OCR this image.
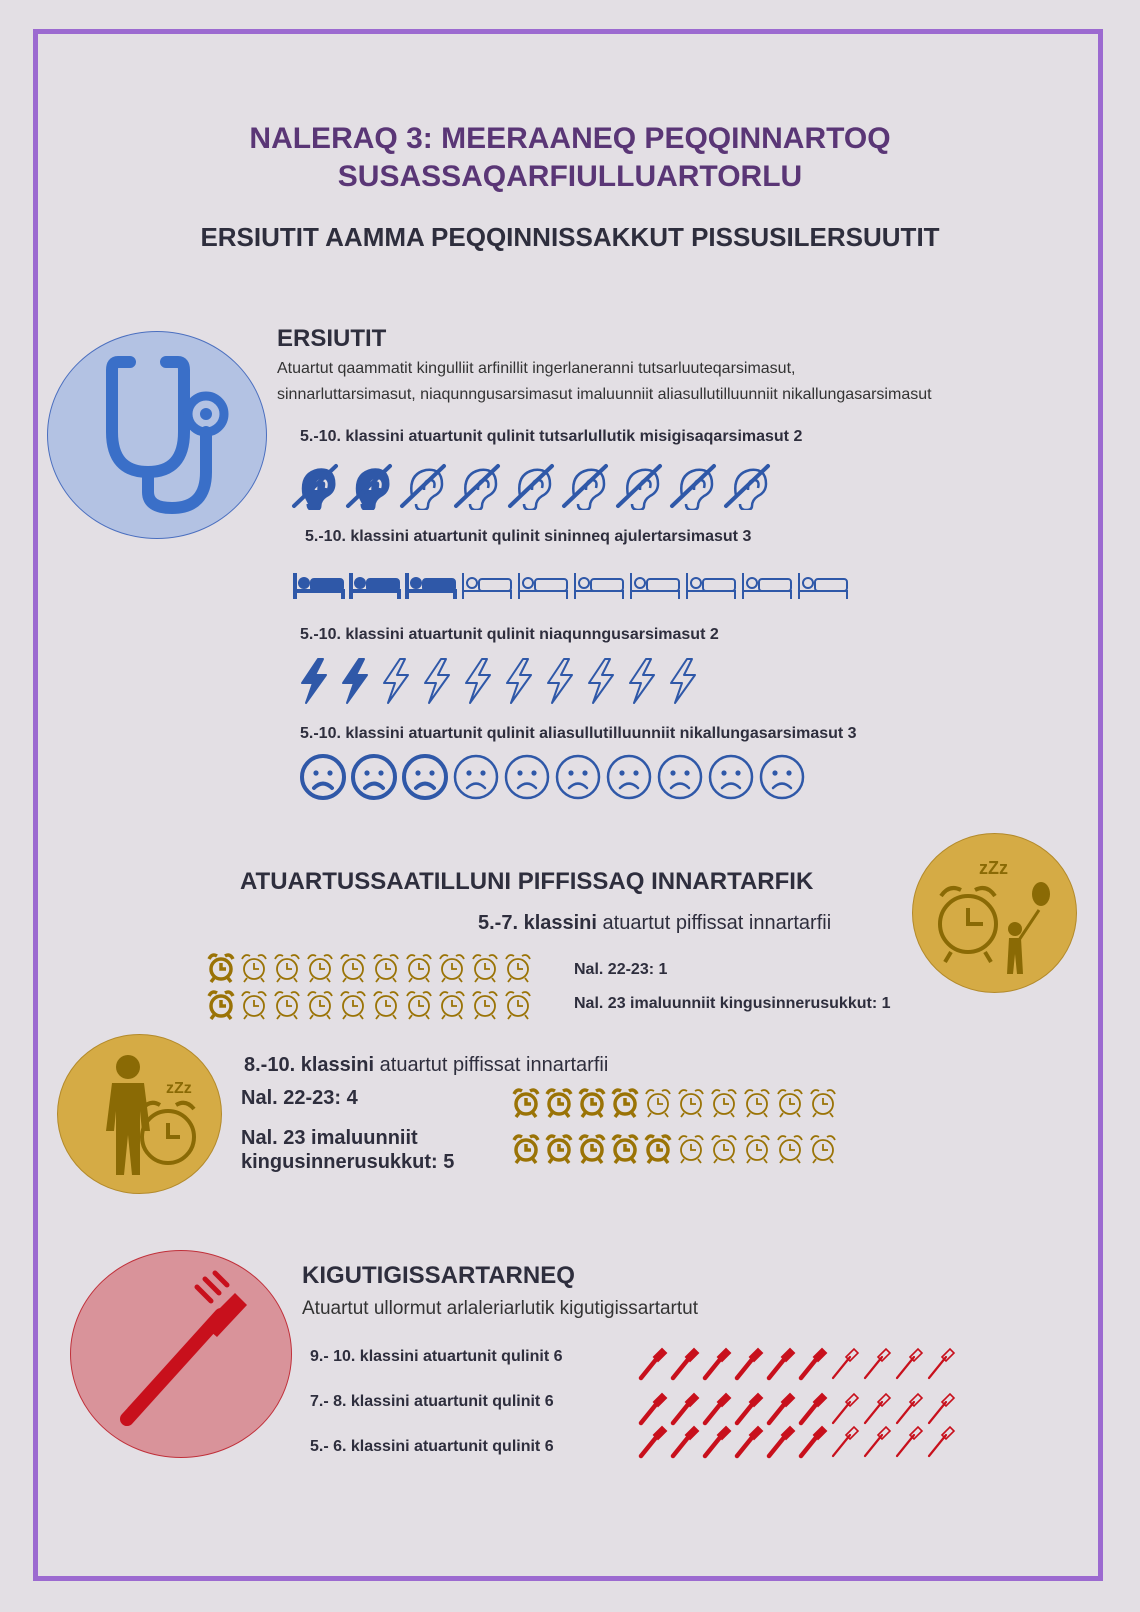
NALERAQ 3: MEERAANEQ PEQQINNARTOQ SUSASSAQARFIULLUARTORLU
ERSIUTIT AAMMA PEQQINNISSAKKUT PISSUSILERSUUTIT
ERSIUTIT
Atuartut qaammatit kingulliit arfinillit ingerlaneranni tutsarluuteqarsimasut,
sinnarluttarsimasut, niaqunngusarsimasut imaluunniit aliasullutilluunniit nikallungasarsimasut
5.-10. klassini atuartunit qulinit tutsarlullutik misigisaqarsimasut 2
5.-10. klassini atuartunit qulinit sininneq ajulertarsimasut 3
5.-10. klassini atuartunit qulinit niaqunngusarsimasut 2
5.-10. klassini atuartunit qulinit aliasullutilluunniit nikallungasarsimasut 3
ATUARTUSSAATILLUNI PIFFISSAQ INNARTARFIK	zZz
5.-7. klassini atuartut piffissat innartarfii
Nal. 22-23: 1
Nal. 23 imaluunniit kingusinnerusukkut: 1
zZz
8.-10. klassini atuartut piffissat innartarfii
Nal. 22-23: 4
Nal. 23 imaluunniit
kingusinnerusukkut: 5
KIGUTIGISSARTARNEQ
Atuartut ullormut arlaleriarlutik kigutigissartartut
9.- 10. klassini atuartunit qulinit 6
7.- 8. klassini atuartunit qulinit 6
5.- 6. klassini atuartunit qulinit 6
